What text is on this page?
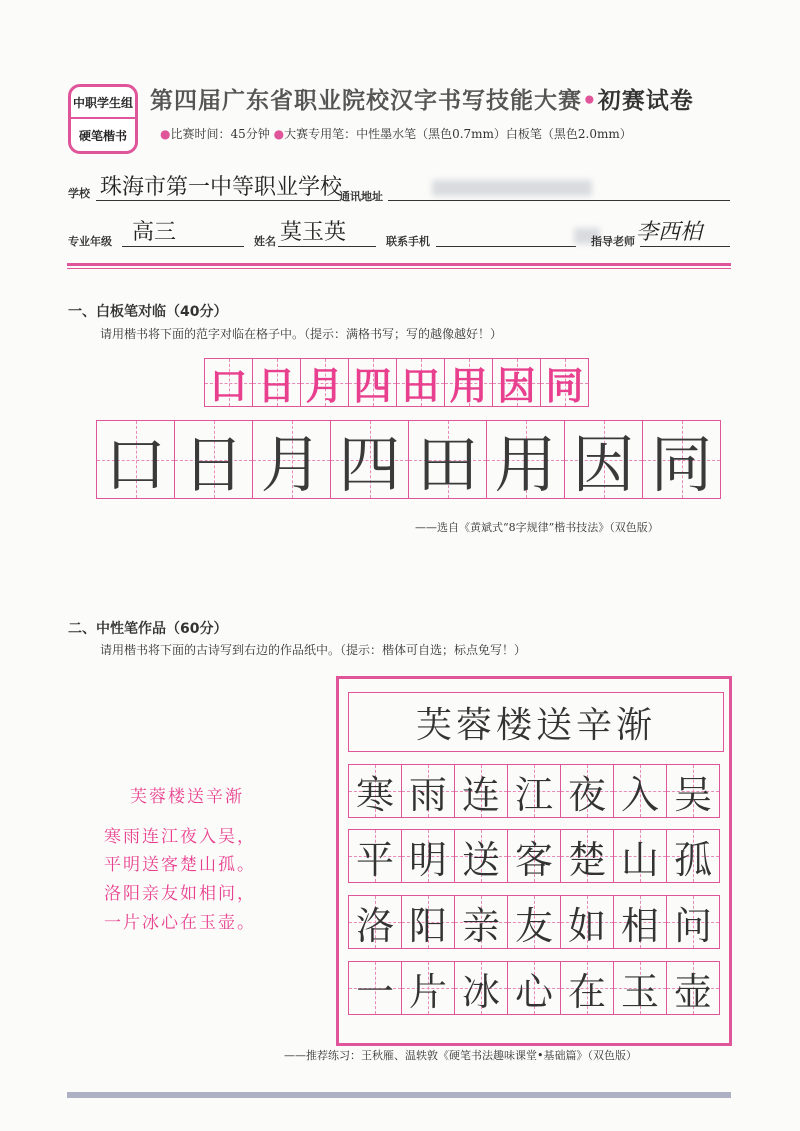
中职学生组
硬笔楷书
第四届广东省职业院校汉字书写技能大赛•初赛试卷
●比赛时间：45分钟 ●大赛专用笔：中性墨水笔（黑色0.7mm）白板笔（黑色2.0mm）
学校 珠海市第一中等职业学校
通讯地址
专业年级 高三	姓名 莫玉英	联系手机	指导老师 李西柏
一、白板笔对临（40分）
请用楷书将下面的范字对临在格子中。（提示：满格书写；写的越像越好！）
口 日 月 四 田 用 因 同
口 日 月 四 田 用 因 同
——选自《黄斌式“8字规律”楷书技法》（双色版）
二、中性笔作品（60分）
请用楷书将下面的古诗写到右边的作品纸中。（提示：楷体可自选；标点免写！）
芙蓉楼送辛渐
寒雨连江夜入吴，
平明送客楚山孤。
洛阳亲友如相问，
一片冰心在玉壶。
芙蓉楼送辛渐
寒 雨 连 江 夜 入 吴
平 明 送 客 楚 山 孤
洛 阳 亲 友 如 相 问
一 片 冰 心 在 玉 壶
——推荐练习：王秋雁、温轶敦《硬笔书法趣味课堂•基础篇》（双色版）
